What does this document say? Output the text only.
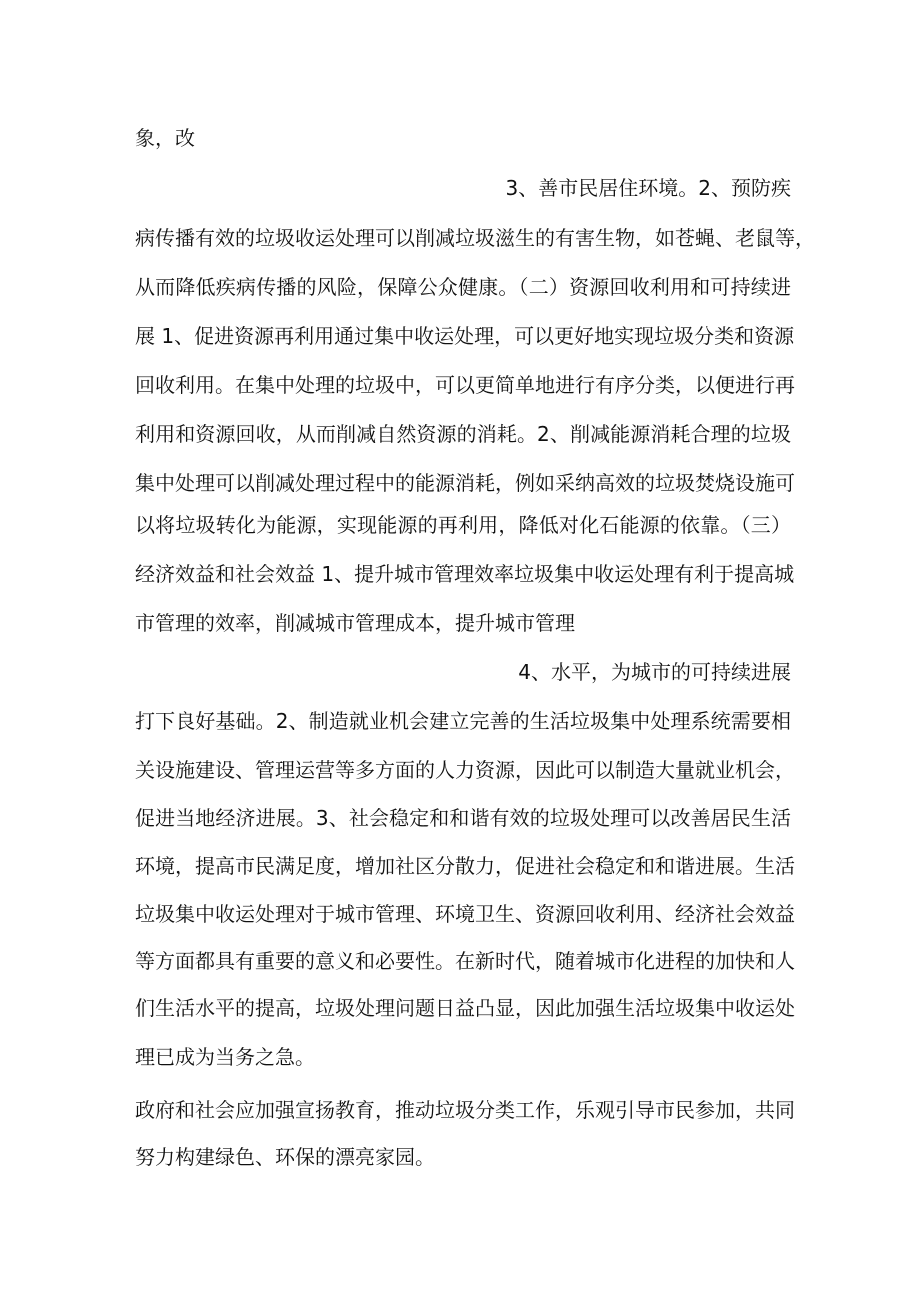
象，改
3、善市民居住环境。2、预防疾
病传播有效的垃圾收运处理可以削减垃圾滋生的有害生物，如苍蝇、老鼠等，
从而降低疾病传播的风险，保障公众健康。（二）资源回收利用和可持续进
展 1、促进资源再利用通过集中收运处理，可以更好地实现垃圾分类和资源
回收利用。在集中处理的垃圾中，可以更简单地进行有序分类，以便进行再
利用和资源回收，从而削减自然资源的消耗。2、削减能源消耗合理的垃圾
集中处理可以削减处理过程中的能源消耗，例如采纳高效的垃圾焚烧设施可
以将垃圾转化为能源，实现能源的再利用，降低对化石能源的依靠。（三）
经济效益和社会效益 1、提升城市管理效率垃圾集中收运处理有利于提高城
市管理的效率，削减城市管理成本，提升城市管理
4、水平，为城市的可持续进展
打下良好基础。2、制造就业机会建立完善的生活垃圾集中处理系统需要相
关设施建设、管理运营等多方面的人力资源，因此可以制造大量就业机会，
促进当地经济进展。3、社会稳定和和谐有效的垃圾处理可以改善居民生活
环境，提高市民满足度，增加社区分散力，促进社会稳定和和谐进展。生活
垃圾集中收运处理对于城市管理、环境卫生、资源回收利用、经济社会效益
等方面都具有重要的意义和必要性。在新时代，随着城市化进程的加快和人
们生活水平的提高，垃圾处理问题日益凸显，因此加强生活垃圾集中收运处
理已成为当务之急。
政府和社会应加强宣扬教育，推动垃圾分类工作，乐观引导市民参加，共同
努力构建绿色、环保的漂亮家园。
